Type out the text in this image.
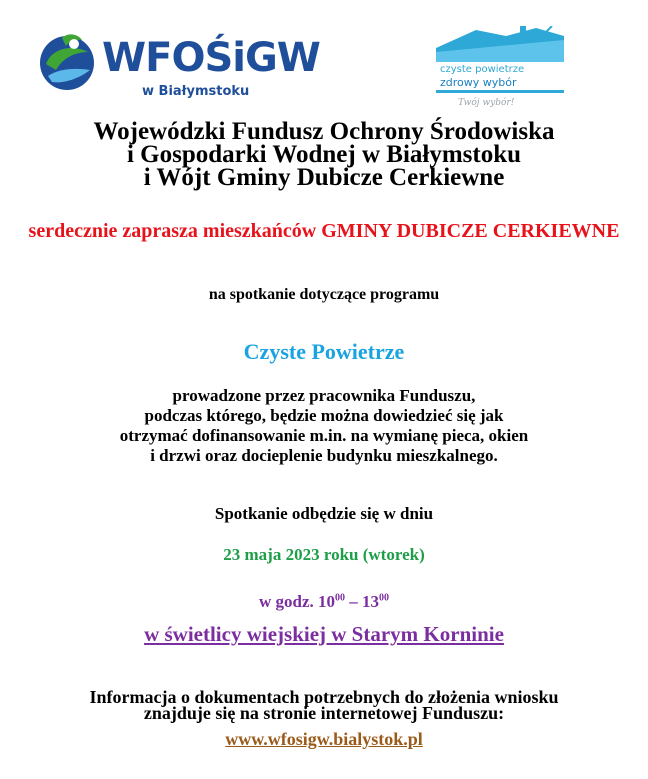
WFOŚiGW
w Białymstoku
czyste powietrze
zdrowy wybór
Twój wybór!
Wojewódzki Fundusz Ochrony Środowiska
i Gospodarki Wodnej w Białymstoku
i Wójt Gminy Dubicze Cerkiewne
serdecznie zaprasza mieszkańców GMINY DUBICZE CERKIEWNE
na spotkanie dotyczące programu
Czyste Powietrze
prowadzone przez pracownika Funduszu,
podczas którego, będzie można dowiedzieć się jak
otrzymać dofinansowanie m.in. na wymianę pieca, okien
i drzwi oraz docieplenie budynku mieszkalnego.
Spotkanie odbędzie się w dniu
23 maja 2023 roku (wtorek)
w godz. $10^{00} - 13^{00}$
w świetlicy wiejskiej w Starym Korninie
Informacja o dokumentach potrzebnych do złożenia wniosku
znajduje się na stronie internetowej Funduszu:
www.wfosigw.bialystok.pl
